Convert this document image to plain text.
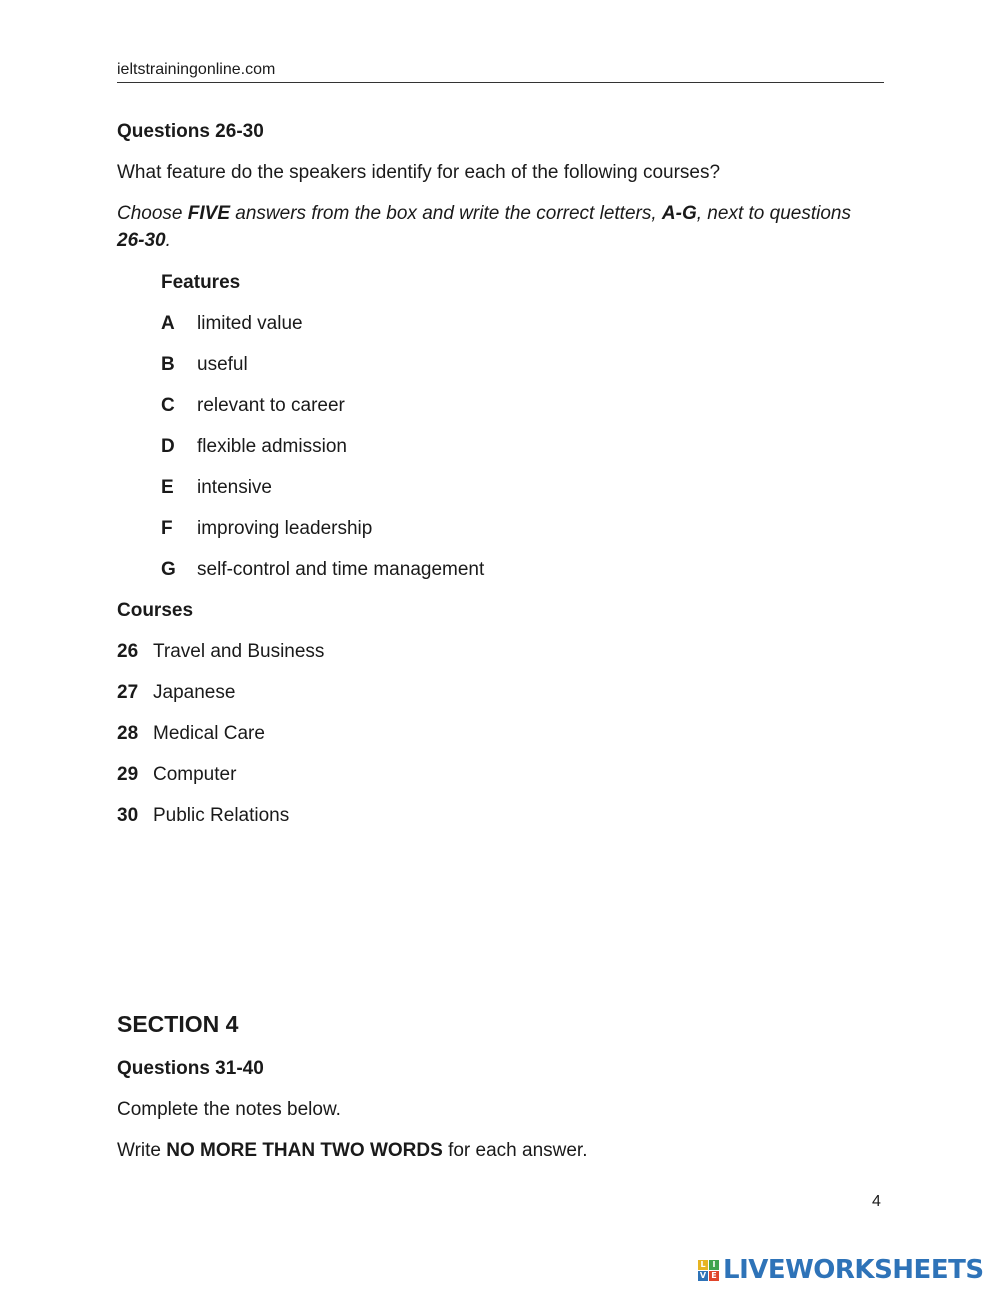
ieltstrainingonline.com
Questions 26-30
What feature do the speakers identify for each of the following courses?
Choose FIVE answers from the box and write the correct letters, A-G, next to questions
26-30.
Features
A limited value
B useful
C relevant to career
D flexible admission
E intensive
F improving leadership
G self-control and time management
Courses
26 Travel and Business
27 Japanese
28 Medical Care
29 Computer
30 Public Relations
SECTION 4
Questions 31-40
Complete the notes below.
Write NO MORE THAN TWO WORDS for each answer.
4
L I
V E LIVEWORKSHEETS
